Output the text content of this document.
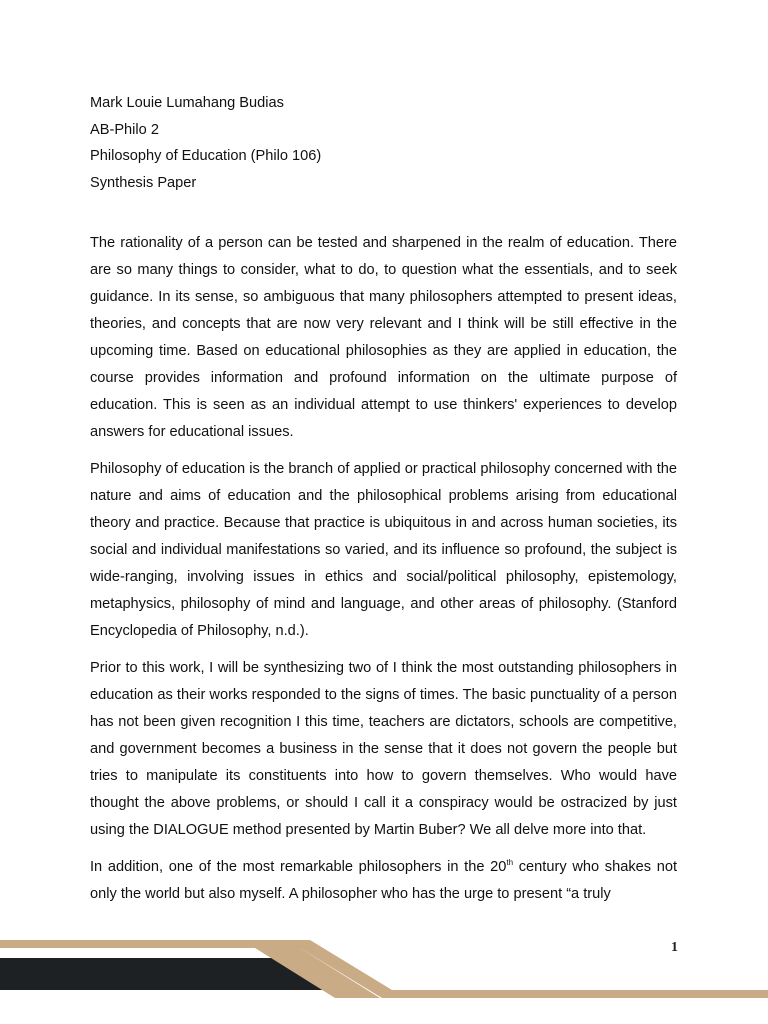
Mark Louie Lumahang Budias
AB-Philo 2
Philosophy of Education (Philo 106)
Synthesis Paper

The rationality of a person can be tested and sharpened in the realm of education. There are so many things to consider, what to do, to question what the essentials, and to seek guidance. In its sense, so ambiguous that many philosophers attempted to present ideas, theories, and concepts that are now very relevant and I think will be still effective in the upcoming time. Based on educational philosophies as they are applied in education, the course provides information and profound information on the ultimate purpose of education. This is seen as an individual attempt to use thinkers' experiences to develop answers for educational issues.

Philosophy of education is the branch of applied or practical philosophy concerned with the nature and aims of education and the philosophical problems arising from educational theory and practice. Because that practice is ubiquitous in and across human societies, its social and individual manifestations so varied, and its influence so profound, the subject is wide-ranging, involving issues in ethics and social/political philosophy, epistemology, metaphysics, philosophy of mind and language, and other areas of philosophy. (Stanford Encyclopedia of Philosophy, n.d.).

Prior to this work, I will be synthesizing two of I think the most outstanding philosophers in education as their works responded to the signs of times. The basic punctuality of a person has not been given recognition I this time, teachers are dictators, schools are competitive, and government becomes a business in the sense that it does not govern the people but tries to manipulate its constituents into how to govern themselves. Who would have thought the above problems, or should I call it a conspiracy would be ostracized by just using the DIALOGUE method presented by Martin Buber? We all delve more into that.

In addition, one of the most remarkable philosophers in the 20th century who shakes not only the world but also myself. A philosopher who has the urge to present “a truly

1
